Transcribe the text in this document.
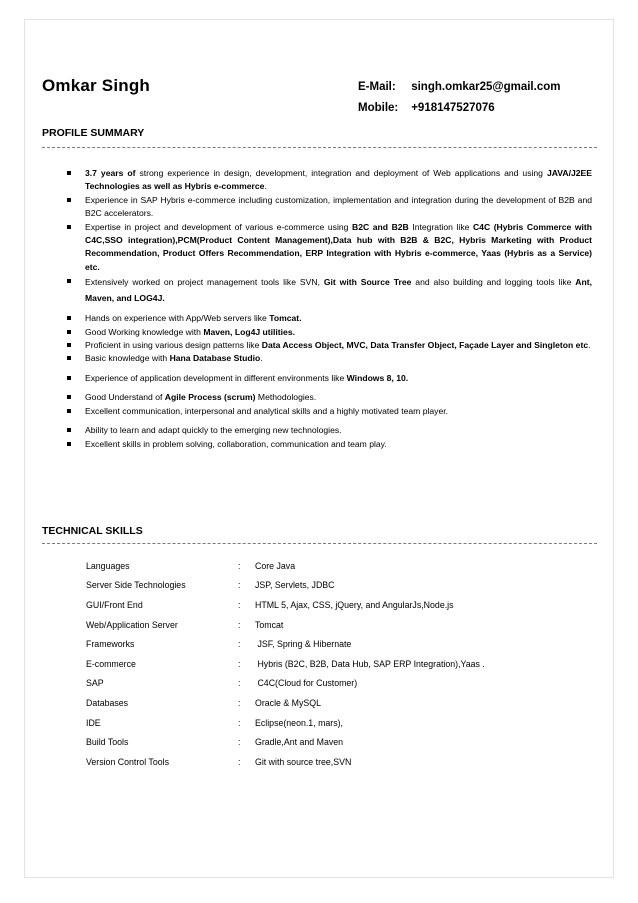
Omkar Singh	E-Mail: singh.omkar25@gmail.com
Mobile: +918147527076
PROFILE SUMMARY
3.7 years of strong experience in design, development, integration and deployment of Web applications and using JAVA/J2EE Technologies as well as Hybris e-commerce.
Experience in SAP Hybris e-commerce including customization, implementation and integration during the development of B2B and B2C accelerators.
Expertise in project and development of various e-commerce using B2C and B2B Integration like C4C (Hybris Commerce with C4C,SSO integration),PCM(Product Content Management),Data hub with B2B & B2C, Hybris Marketing with Product Recommendation, Product Offers Recommendation, ERP Integration with Hybris e-commerce, Yaas (Hybris as a Service) etc.
Extensively worked on project management tools like SVN, Git with Source Tree and also building and logging tools like Ant, Maven, and LOG4J.
Hands on experience with App/Web servers like Tomcat.
Good Working knowledge with Maven, Log4J utilities.
Proficient in using various design patterns like Data Access Object, MVC, Data Transfer Object, Façade Layer and Singleton etc.
Basic knowledge with Hana Database Studio.
Experience of application development in different environments like Windows 8, 10.
Good Understand of Agile Process (scrum) Methodologies.
Excellent communication, interpersonal and analytical skills and a highly motivated team player.
Ability to learn and adapt quickly to the emerging new technologies.
Excellent skills in problem solving, collaboration, communication and team play.
TECHNICAL SKILLS
Languages	:	Core Java
Server Side Technologies	:	JSP, Servlets, JDBC
GUI/Front End	:	HTML 5, Ajax, CSS, jQuery, and AngularJs,Node.js
Web/Application Server	:	Tomcat
Frameworks	:	JSF, Spring & Hibernate
E-commerce	:	Hybris (B2C, B2B, Data Hub, SAP ERP Integration),Yaas .
SAP	:	C4C(Cloud for Customer)
Databases	:	Oracle & MySQL
IDE	:	Eclipse(neon.1, mars),
Build Tools	:	Gradle,Ant and Maven
Version Control Tools	:	Git with source tree,SVN
